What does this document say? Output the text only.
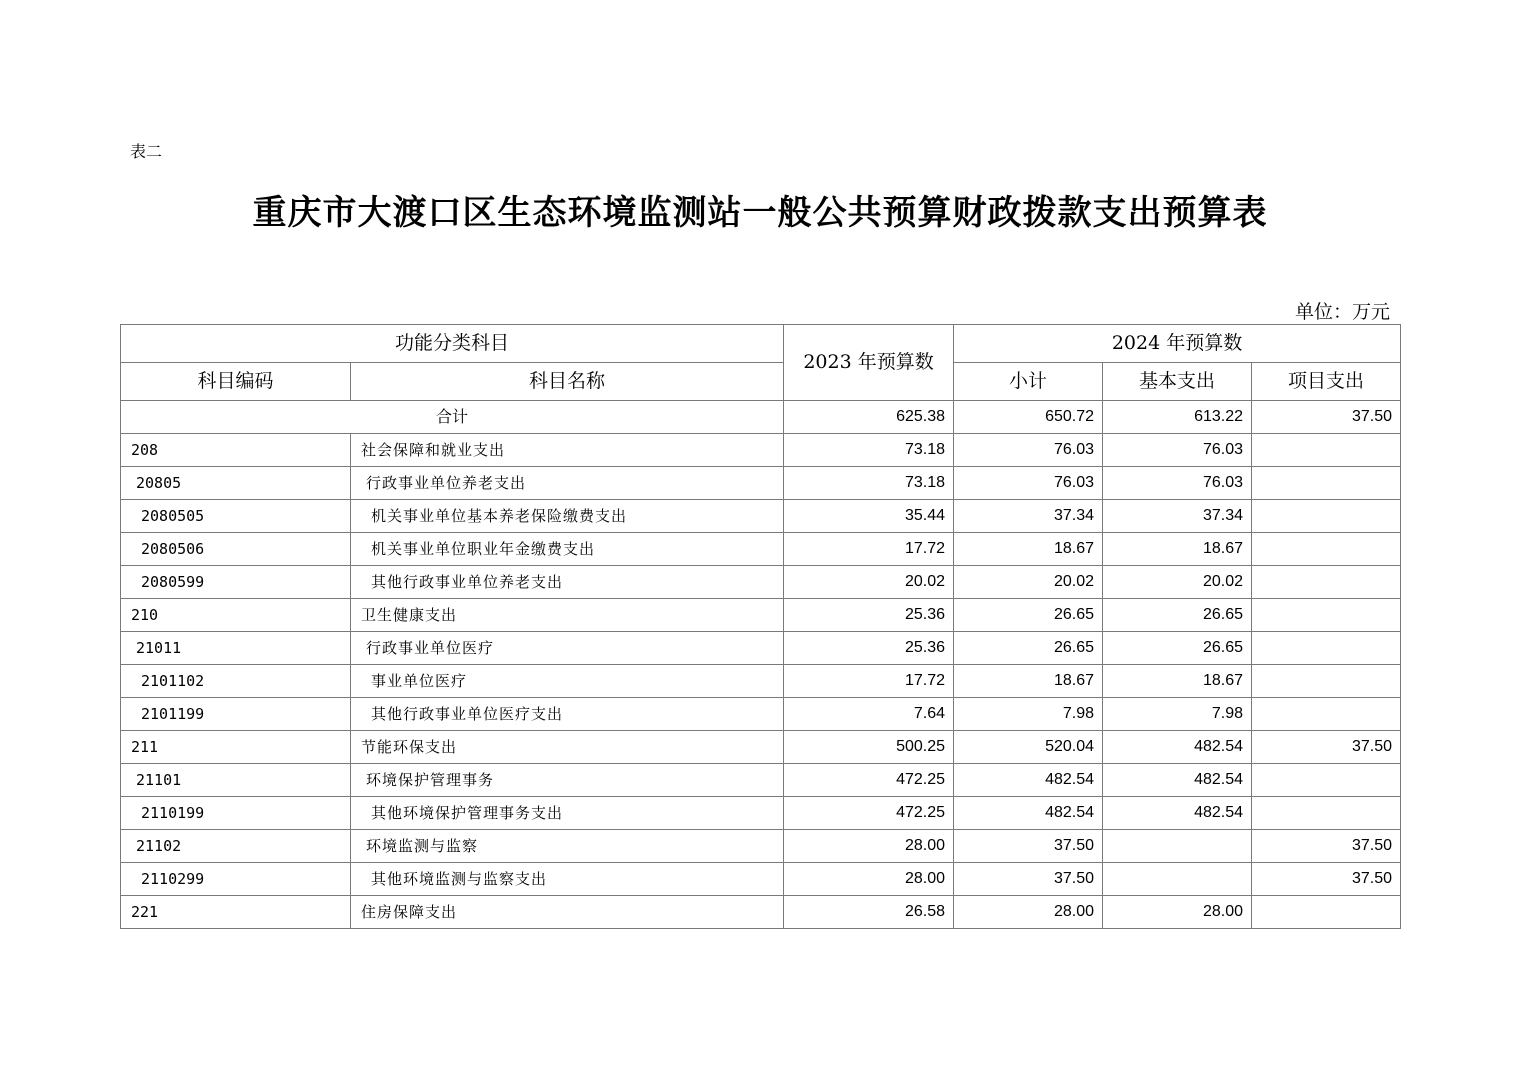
表二
重庆市大渡口区生态环境监测站一般公共预算财政拨款支出预算表
单位：万元
功能分类科目		2023 年预算数	2024 年预算数		
科目编码	科目名称		小计	基本支出	项目支出
合计		625.38	650.72	613.22	37.50
208	社会保障和就业支出	73.18	76.03	76.03	
20805	行政事业单位养老支出	73.18	76.03	76.03	
2080505	机关事业单位基本养老保险缴费支出	35.44	37.34	37.34	
2080506	机关事业单位职业年金缴费支出	17.72	18.67	18.67	
2080599	其他行政事业单位养老支出	20.02	20.02	20.02	
210	卫生健康支出	25.36	26.65	26.65	
21011	行政事业单位医疗	25.36	26.65	26.65	
2101102	事业单位医疗	17.72	18.67	18.67	
2101199	其他行政事业单位医疗支出	7.64	7.98	7.98	
211	节能环保支出	500.25	520.04	482.54	37.50
21101	环境保护管理事务	472.25	482.54	482.54	
2110199	其他环境保护管理事务支出	472.25	482.54	482.54	
21102	环境监测与监察	28.00	37.50		37.50
2110299	其他环境监测与监察支出	28.00	37.50		37.50
221	住房保障支出	26.58	28.00	28.00	
